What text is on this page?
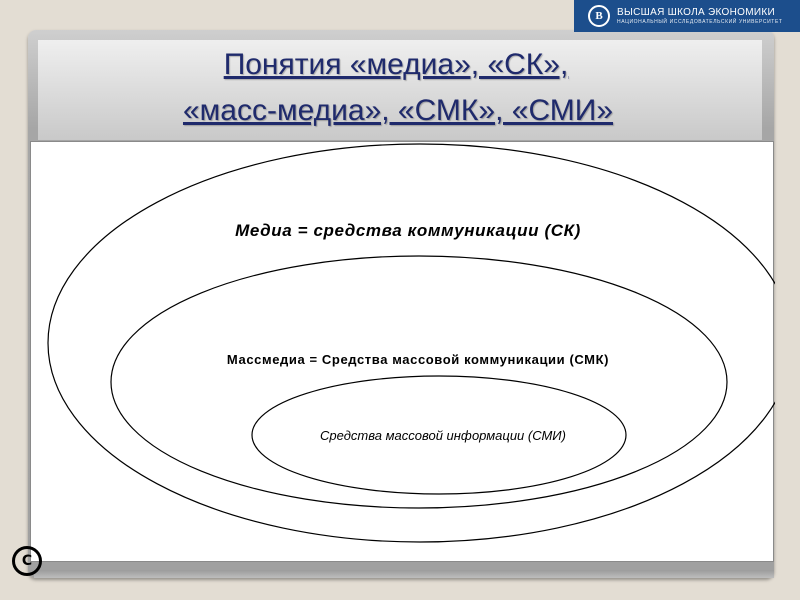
В	ВЫСШАЯ ШКОЛА ЭКОНОМИКИ
НАЦИОНАЛЬНЫЙ ИССЛЕДОВАТЕЛЬСКИЙ УНИВЕРСИТЕТ
Понятия «медиа», «СК»,
«масс-медиа», «СМК», «СМИ»
Медиа = средства коммуникации (СК)
Массмедиа = Средства массовой коммуникации (СМК)
Средства массовой информации (СМИ)
C
